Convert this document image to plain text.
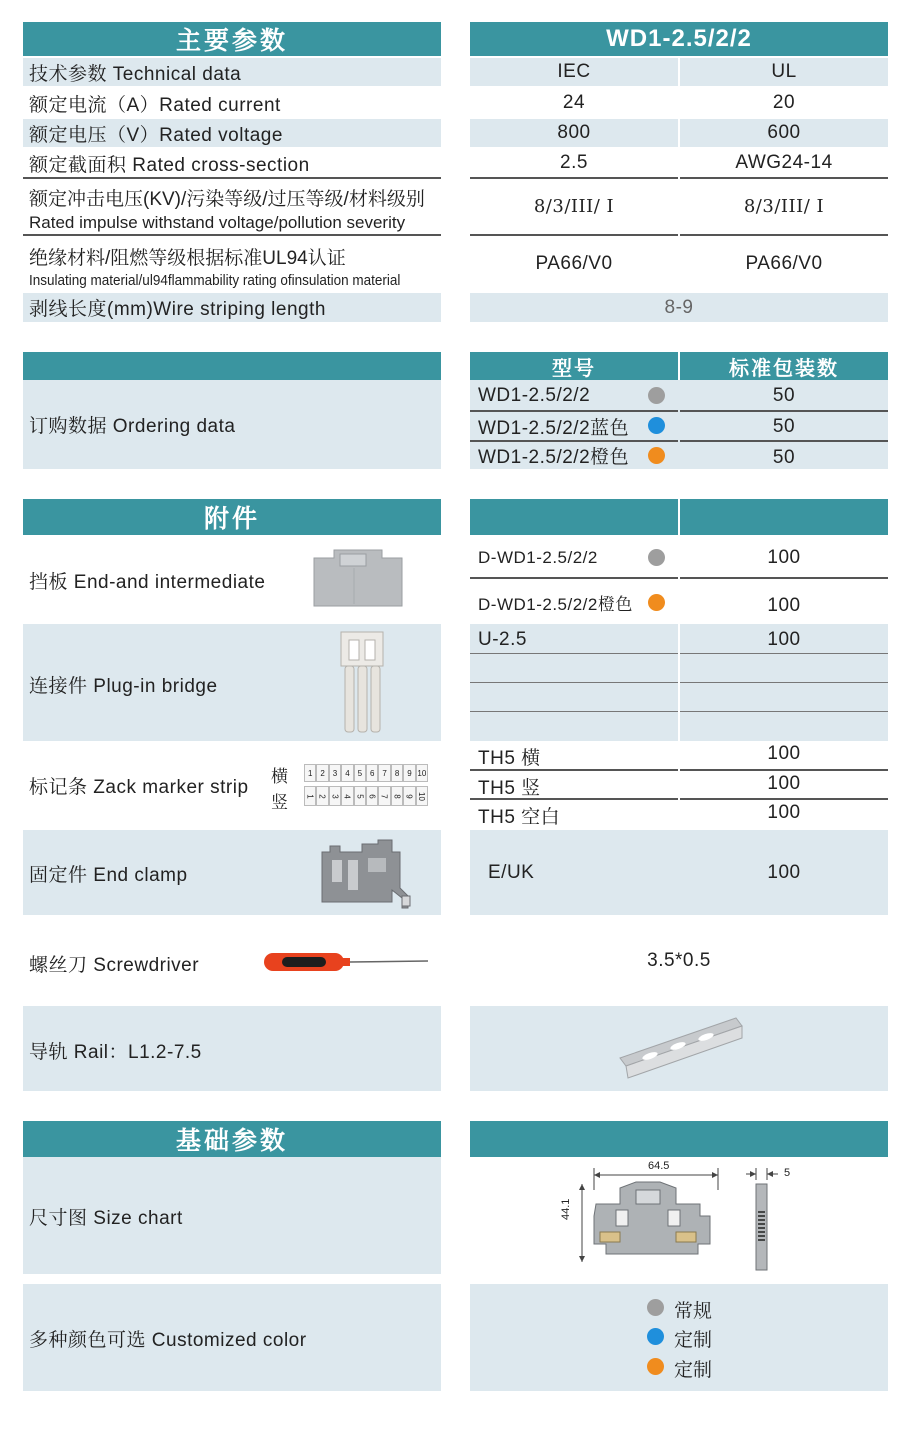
主要参数	WD1-2.5/2/2
技术参数 Technical data	IEC	UL
额定电流（A）Rated current	24	20
额定电压（V）Rated voltage	800	600
额定截面积 Rated cross-section	2.5	AWG24-14
额定冲击电压(KV)/污染等级/过压等级/材料级别
Rated impulse withstand voltage/pollution severity
8/3/III/ I	8/3/III/ I
绝缘材料/阻燃等级根据标准UL94认证
Insulating material/ul94flammability rating ofinsulation material
PA66/V0	PA66/V0
剥线长度(mm)Wire striping length	8-9
订购数据 Ordering data
型号	标准包装数
WD1-2.5/2/2	50
WD1-2.5/2/2蓝色	50
WD1-2.5/2/2橙色	50
附件
挡板 End-and intermediate
D-WD1-2.5/2/2	100
D-WD1-2.5/2/2橙色	100
连接件 Plug-in bridge
U-2.5	100
标记条 Zack marker strip	横
竖
1 2 3 4 5 6 7 8 9 10
1 2 3 4 5 6 7 8 9 10
TH5 横	100
TH5 竖	100
TH5 空白	100
固定件 End clamp	E/UK	100
螺丝刀 Screwdriver	3.5*0.5
导轨 Rail：L1.2-7.5
基础参数
尺寸图 Size chart
64.5
44.1
5
多种颜色可选 Customized color
常规
定制
定制
